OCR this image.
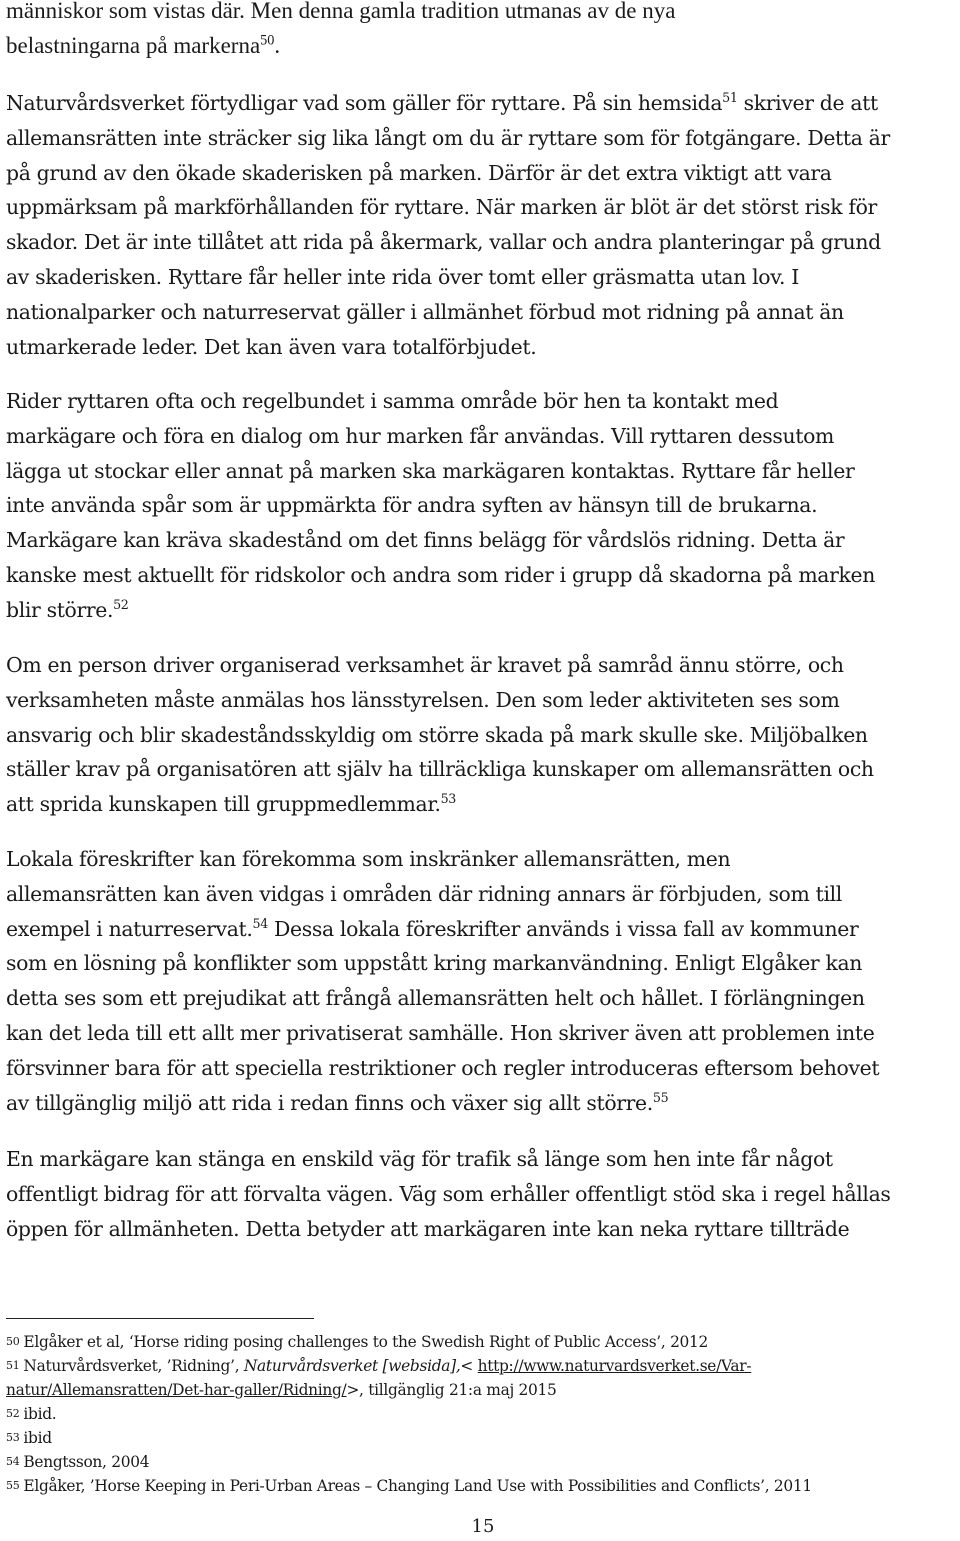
människor som vistas där. Men denna gamla tradition utmanas av de nya
belastningarna på markerna$^{50}$.

Naturvårdsverket förtydligar vad som gäller för ryttare. På sin hemsida$^{51}$ skriver de att
allemansrätten inte sträcker sig lika långt om du är ryttare som för fotgängare. Detta är
på grund av den ökade skaderisken på marken. Därför är det extra viktigt att vara
uppmärksam på markförhållanden för ryttare. När marken är blöt är det störst risk för
skador. Det är inte tillåtet att rida på åkermark, vallar och andra planteringar på grund
av skaderisken. Ryttare får heller inte rida över tomt eller gräsmatta utan lov. I
nationalparker och naturreservat gäller i allmänhet förbud mot ridning på annat än
utmarkerade leder. Det kan även vara totalförbjudet.

Rider ryttaren ofta och regelbundet i samma område bör hen ta kontakt med
markägare och föra en dialog om hur marken får användas. Vill ryttaren dessutom
lägga ut stockar eller annat på marken ska markägaren kontaktas. Ryttare får heller
inte använda spår som är uppmärkta för andra syften av hänsyn till de brukarna.
Markägare kan kräva skadestånd om det finns belägg för vårdslös ridning. Detta är
kanske mest aktuellt för ridskolor och andra som rider i grupp då skadorna på marken
blir större.$^{52}$

Om en person driver organiserad verksamhet är kravet på samråd ännu större, och
verksamheten måste anmälas hos länsstyrelsen. Den som leder aktiviteten ses som
ansvarig och blir skadeståndsskyldig om större skada på mark skulle ske. Miljöbalken
ställer krav på organisatören att själv ha tillräckliga kunskaper om allemansrätten och
att sprida kunskapen till gruppmedlemmar.$^{53}$

Lokala föreskrifter kan förekomma som inskränker allemansrätten, men
allemansrätten kan även vidgas i områden där ridning annars är förbjuden, som till
exempel i naturreservat.$^{54}$ Dessa lokala föreskrifter används i vissa fall av kommuner
som en lösning på konflikter som uppstått kring markanvändning. Enligt Elgåker kan
detta ses som ett prejudikat att frångå allemansrätten helt och hållet. I förlängningen
kan det leda till ett allt mer privatiserat samhälle. Hon skriver även att problemen inte
försvinner bara för att speciella restriktioner och regler introduceras eftersom behovet
av tillgänglig miljö att rida i redan finns och växer sig allt större.$^{55}$

En markägare kan stänga en enskild väg för trafik så länge som hen inte får något
offentligt bidrag för att förvalta vägen. Väg som erhåller offentligt stöd ska i regel hållas
öppen för allmänheten. Detta betyder att markägaren inte kan neka ryttare tillträde

50 Elgåker et al, ‘Horse riding posing challenges to the Swedish Right of Public Access’, 2012

51 Naturvårdsverket, ’Ridning’, Naturvårdsverket [websida],< http://www.naturvardsverket.se/Var-
natur/Allemansratten/Det-har-galler/Ridning/>, tillgänglig 21:a maj 2015

52 ibid.

53 ibid

54 Bengtsson, 2004

55 Elgåker, ’Horse Keeping in Peri-Urban Areas – Changing Land Use with Possibilities and Conflicts’, 2011

15
